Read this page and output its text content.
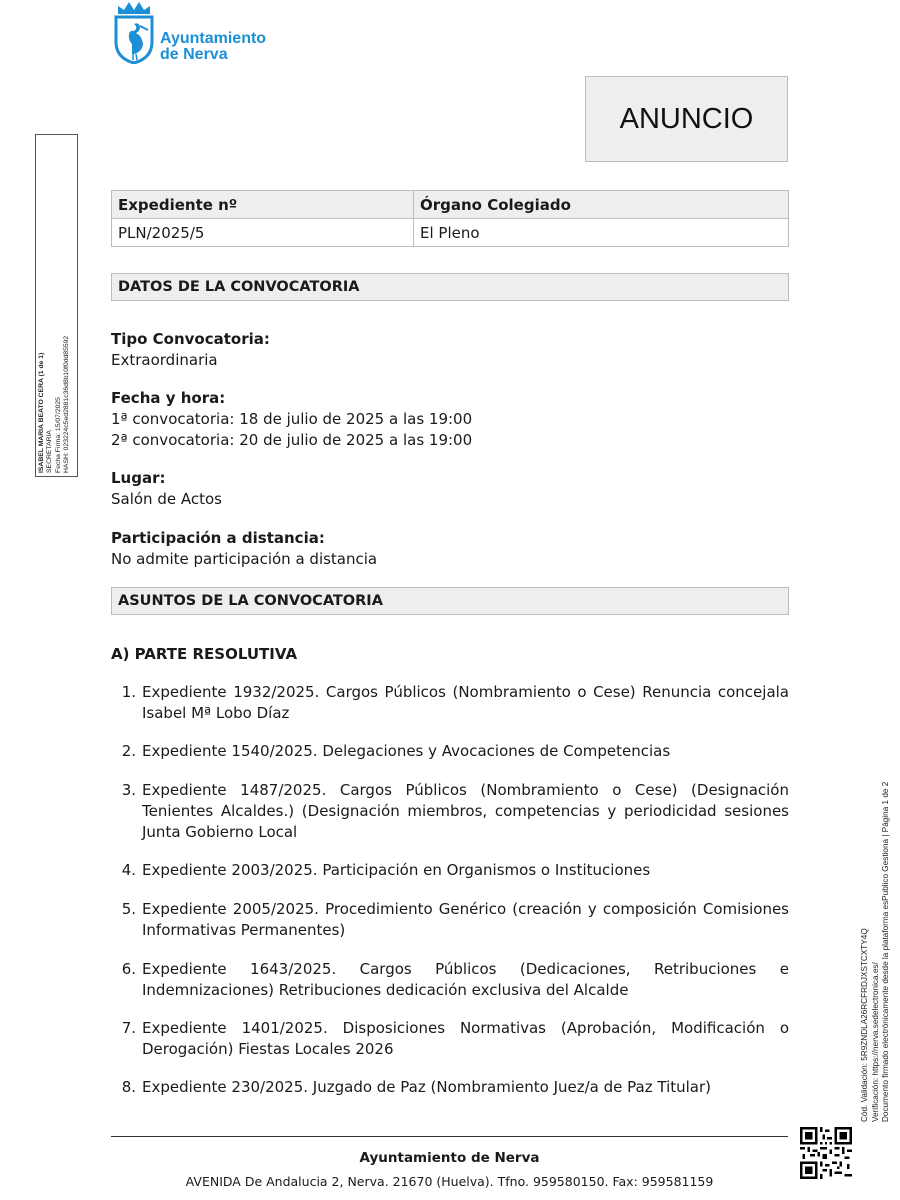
Ayuntamiento
de Nerva
ANUNCIO
ISABEL MARIA BEATO CERA (1 de 1) SECRETARIA Fecha Firma: 15/07/2025 HASH: 023224c5ed2881c36d8b10f0dd85592
Expediente nº	Órgano Colegiado
PLN/2025/5	El Pleno
DATOS DE LA CONVOCATORIA
Tipo Convocatoria:
Extraordinaria
Fecha y hora:
1ª convocatoria: 18 de julio de 2025 a las 19:00
2ª convocatoria: 20 de julio de 2025 a las 19:00
Lugar:
Salón de Actos
Participación a distancia:
No admite participación a distancia
ASUNTOS DE LA CONVOCATORIA
A) PARTE RESOLUTIVA
1. Expediente 1932/2025. Cargos Públicos (Nombramiento o Cese) Renuncia concejala Isabel Mª Lobo Díaz
2. Expediente 1540/2025. Delegaciones y Avocaciones de Competencias
3. Expediente 1487/2025. Cargos Públicos (Nombramiento o Cese) (Designación Tenientes Alcaldes.) (Designación miembros, competencias y periodicidad sesiones Junta Gobierno Local
4. Expediente 2003/2025. Participación en Organismos o Instituciones
5. Expediente 2005/2025. Procedimiento Genérico (creación y composición Comisiones Informativas Permanentes)
6. Expediente 1643/2025. Cargos Públicos (Dedicaciones, Retribuciones e Indemnizaciones) Retribuciones dedicación exclusiva del Alcalde
7. Expediente 1401/2025. Disposiciones Normativas (Aprobación, Modificación o Derogación) Fiestas Locales 2026
8. Expediente 230/2025. Juzgado de Paz (Nombramiento Juez/a de Paz Titular)	Cód. Validación: 5R9ZNDLA26RCFRDJXSTCXTY4Q Verificación: https://nerva.sedelectronica.es/ Documento firmado electrónicamente desde la plataforma esPublico Gestiona | Página 1 de 2
Ayuntamiento de Nerva
AVENIDA De Andalucia 2, Nerva. 21670 (Huelva). Tfno. 959580150. Fax: 959581159
